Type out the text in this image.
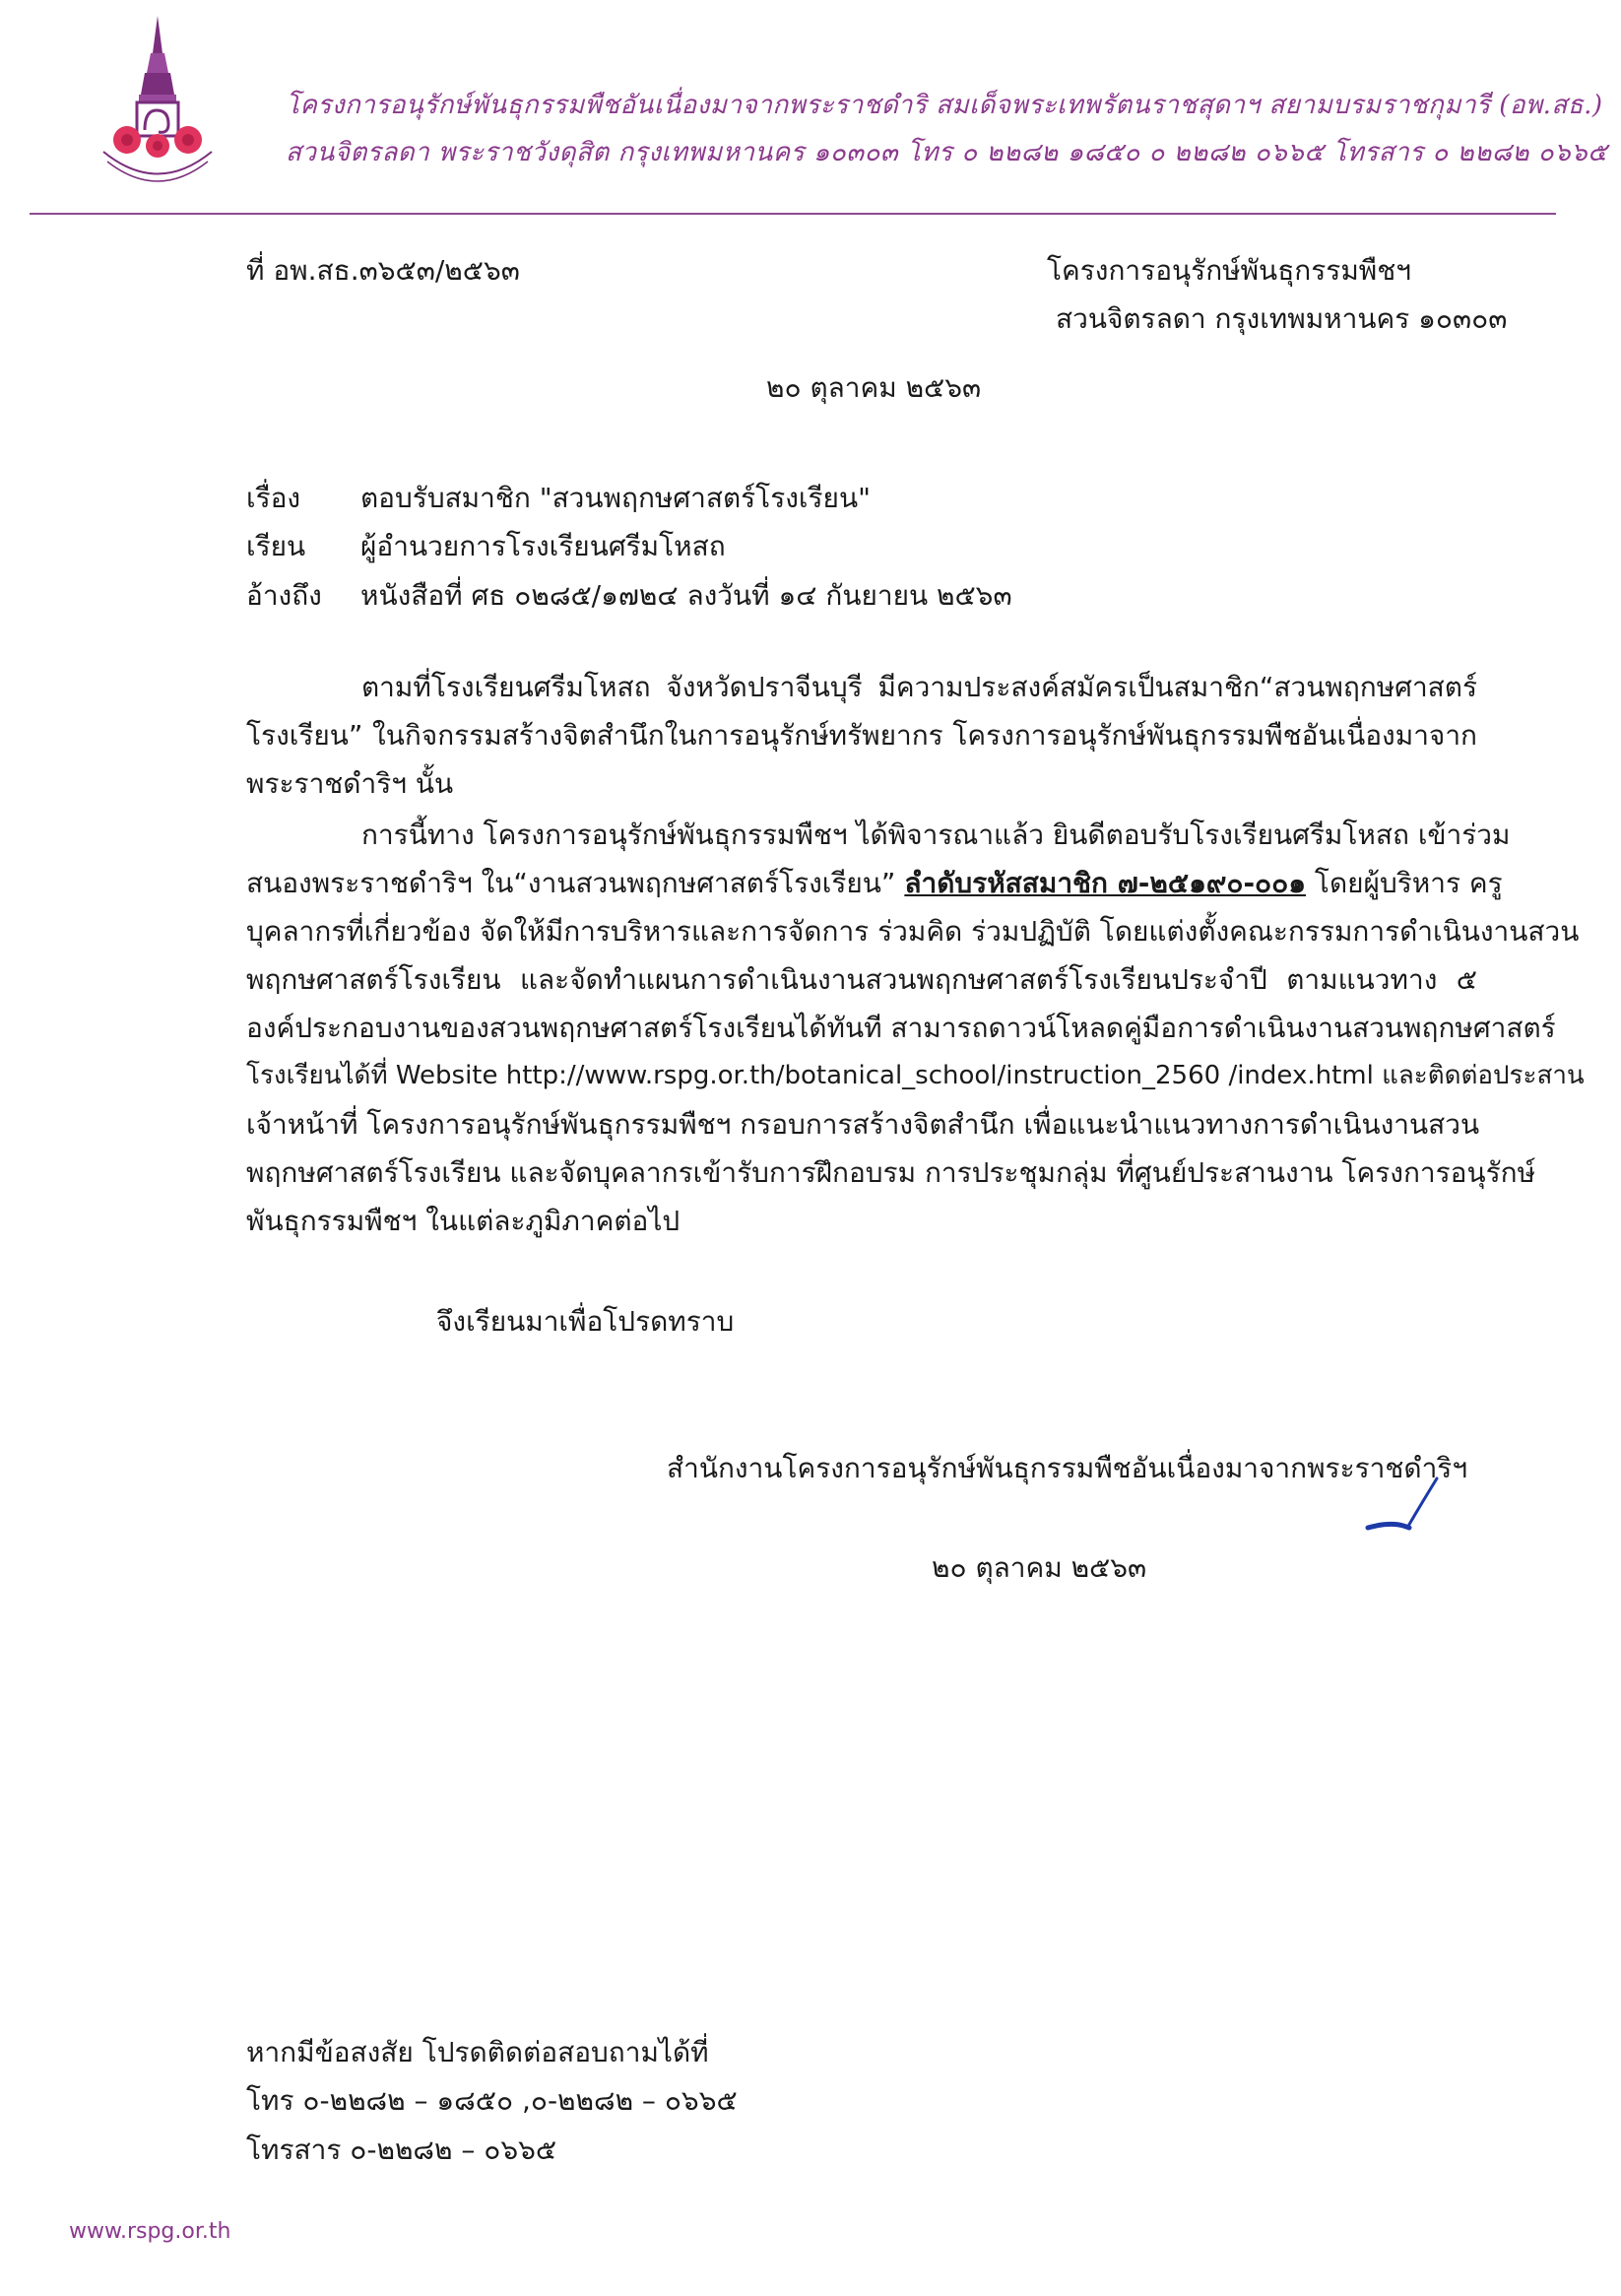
โครงการอนุรักษ์พันธุกรรมพืชอันเนื่องมาจากพระราชดำริ สมเด็จพระเทพรัตนราชสุดาฯ สยามบรมราชกุมารี (อพ.สธ.)
สวนจิตรลดา พระราชวังดุสิต กรุงเทพมหานคร ๑๐๓๐๓ โทร ๐ ๒๒๘๒ ๑๘๕๐ ๐ ๒๒๘๒ ๐๖๖๕ โทรสาร ๐ ๒๒๘๒ ๐๖๖๕
ที่ อพ.สธ.๓๖๕๓/๒๕๖๓	โครงการอนุรักษ์พันธุกรรมพืชฯ
สวนจิตรลดา กรุงเทพมหานคร ๑๐๓๐๓
๒๐ ตุลาคม ๒๕๖๓
เรื่อง ตอบรับสมาชิก "สวนพฤกษศาสตร์โรงเรียน"
เรียน ผู้อำนวยการโรงเรียนศรีมโหสถ
อ้างถึง หนังสือที่ ศธ ๐๒๘๕/๑๗๒๔ ลงวันที่ ๑๔ กันยายน ๒๕๖๓
ตามที่โรงเรียนศรีมโหสถ จังหวัดปราจีนบุรี มีความประสงค์สมัครเป็นสมาชิก“สวนพฤกษศาสตร์
โรงเรียน” ในกิจกรรมสร้างจิตสำนึกในการอนุรักษ์ทรัพยากร โครงการอนุรักษ์พันธุกรรมพืชอันเนื่องมาจาก
พระราชดำริฯ นั้น
การนี้ทาง โครงการอนุรักษ์พันธุกรรมพืชฯ ได้พิจารณาแล้ว ยินดีตอบรับโรงเรียนศรีมโหสถ เข้าร่วม
สนองพระราชดำริฯ ใน“งานสวนพฤกษศาสตร์โรงเรียน” ลำดับรหัสสมาชิก ๗-๒๕๑๙๐-๐๐๑ โดยผู้บริหาร ครู
บุคลากรที่เกี่ยวข้อง จัดให้มีการบริหารและการจัดการ ร่วมคิด ร่วมปฏิบัติ โดยแต่งตั้งคณะกรรมการดำเนินงานสวน
พฤกษศาสตร์โรงเรียน และจัดทำแผนการดำเนินงานสวนพฤกษศาสตร์โรงเรียนประจำปี ตามแนวทาง ๕
องค์ประกอบงานของสวนพฤกษศาสตร์โรงเรียนได้ทันที สามารถดาวน์โหลดคู่มือการดำเนินงานสวนพฤกษศาสตร์
โรงเรียนได้ที่ Website http://www.rspg.or.th/botanical_school/instruction_2560 /index.html และติดต่อประสาน
เจ้าหน้าที่ โครงการอนุรักษ์พันธุกรรมพืชฯ กรอบการสร้างจิตสำนึก เพื่อแนะนำแนวทางการดำเนินงานสวน
พฤกษศาสตร์โรงเรียน และจัดบุคลากรเข้ารับการฝึกอบรม การประชุมกลุ่ม ที่ศูนย์ประสานงาน โครงการอนุรักษ์
พันธุกรรมพืชฯ ในแต่ละภูมิภาคต่อไป
จึงเรียนมาเพื่อโปรดทราบ
สำนักงานโครงการอนุรักษ์พันธุกรรมพืชอันเนื่องมาจากพระราชดำริฯ
๒๐ ตุลาคม ๒๕๖๓
หากมีข้อสงสัย โปรดติดต่อสอบถามได้ที่
โทร ๐-๒๒๘๒ – ๑๘๕๐ ,๐-๒๒๘๒ – ๐๖๖๕
โทรสาร ๐-๒๒๘๒ – ๐๖๖๕
www.rspg.or.th
